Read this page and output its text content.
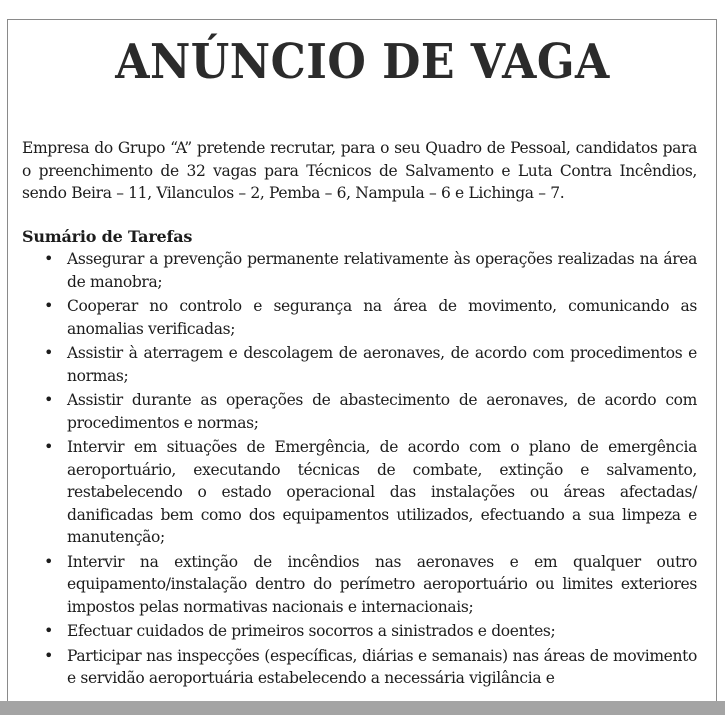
ANÚNCIO DE VAGA

Empresa do Grupo “A” pretende recrutar, para o seu Quadro de Pessoal, candidatos para o preenchimento de 32 vagas para Técnicos de Salvamento e Luta Contra Incêndios, sendo Beira – 11, Vilanculos – 2, Pemba – 6, Nampula – 6 e Lichinga – 7.

Sumário de Tarefas
• Assegurar a prevenção permanente relativamente às operações realizadas na área de manobra;
• Cooperar no controlo e segurança na área de movimento, comunicando as anomalias verificadas;
• Assistir à aterragem e descolagem de aeronaves, de acordo com procedimentos e normas;
• Assistir durante as operações de abastecimento de aeronaves, de acordo com procedimentos e normas;
• Intervir em situações de Emergência, de acordo com o plano de emergência aeroportuário, executando técnicas de combate, extinção e salvamento, restabelecendo o estado operacional das instalações ou áreas afectadas/ danificadas bem como dos equipamentos utilizados, efectuando a sua limpeza e manutenção;
• Intervir na extinção de incêndios nas aeronaves e em qualquer outro equipamento/instalação dentro do perímetro aeroportuário ou limites exteriores impostos pelas normativas nacionais e internacionais;
• Efectuar cuidados de primeiros socorros a sinistrados e doentes;
• Participar nas inspecções (específicas, diárias e semanais) nas áreas de movimento e servidão aeroportuária estabelecendo a necessária vigilância e
